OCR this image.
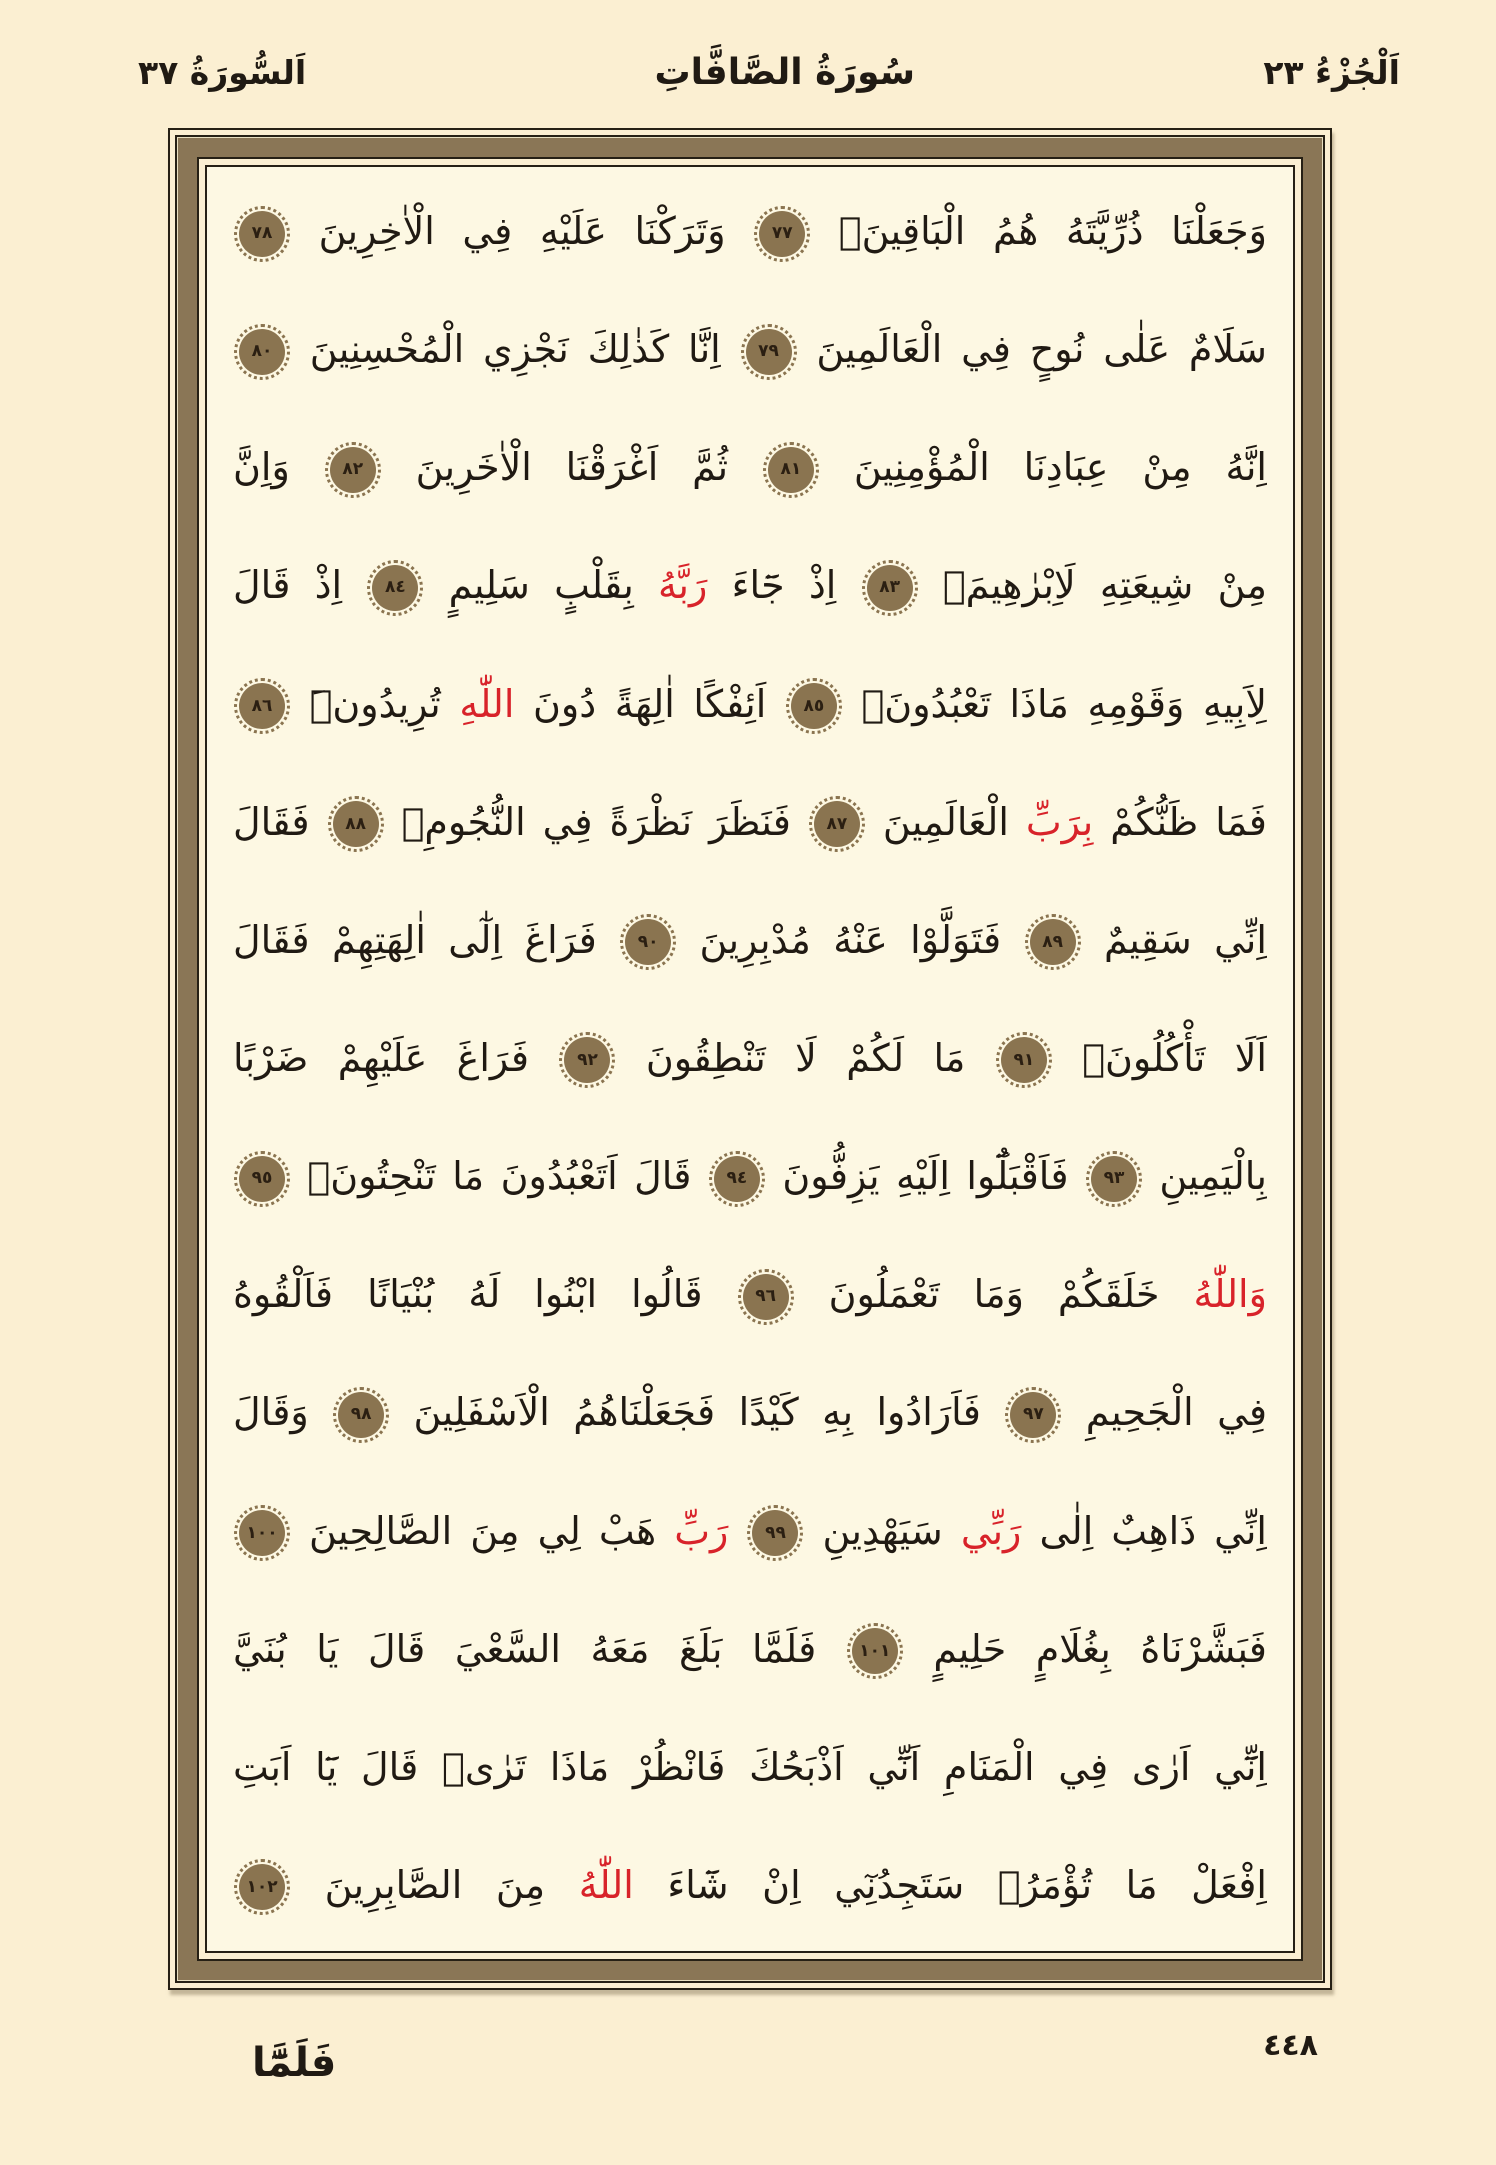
اَلْجُزْءُ ٢٣
سُورَةُ الصَّافَّاتِ
اَلسُّورَةُ ٣٧
وَجَعَلْنَا ذُرِّيَّتَهُ هُمُ الْبَاقِينَۙ
٧٧
وَتَرَكْنَا عَلَيْهِ فِي الْاٰخِرِينَ
٧٨
سَلَامٌ عَلٰى نُوحٍ فِي الْعَالَمِينَ
٧٩
اِنَّا كَذٰلِكَ نَجْزِي الْمُحْسِنِينَ
٨٠
اِنَّهُ مِنْ عِبَادِنَا الْمُؤْمِنِينَ
٨١
ثُمَّ اَغْرَقْنَا الْاٰخَرِينَ
٨٢
وَاِنَّ
مِنْ شِيعَتِهِ لَاِبْرٰهِيمَۚ
٨٣
اِذْ جَٓاءَ رَبَّهُ بِقَلْبٍ سَلِيمٍ
٨٤
اِذْ قَالَ
لِاَبِيهِ وَقَوْمِهِ مَاذَا تَعْبُدُونَۚ
٨٥
اَئِفْكًا اٰلِهَةً دُونَ اللّٰهِ تُرِيدُونَۜ
٨٦
فَمَا ظَنُّكُمْ بِرَبِّ الْعَالَمِينَ
٨٧
فَنَظَرَ نَظْرَةً فِي النُّجُومِۙ
٨٨
فَقَالَ
اِنِّي سَقِيمٌ
٨٩
فَتَوَلَّوْا عَنْهُ مُدْبِرِينَ
٩٠
فَرَاغَ اِلٰٓى اٰلِهَتِهِمْ فَقَالَ
اَلَا تَأْكُلُونَۚ
٩١
مَا لَكُمْ لَا تَنْطِقُونَ
٩٢
فَرَاغَ عَلَيْهِمْ ضَرْبًا
بِالْيَمِينِ
٩٣
فَاَقْبَلُٓوا اِلَيْهِ يَزِفُّونَ
٩٤
قَالَ اَتَعْبُدُونَ مَا تَنْحِتُونَۙ
٩٥
وَاللّٰهُ خَلَقَكُمْ وَمَا تَعْمَلُونَ
٩٦
قَالُوا ابْنُوا لَهُ بُنْيَانًا فَاَلْقُوهُ
فِي الْجَحِيمِ
٩٧
فَاَرَادُوا بِهِ كَيْدًا فَجَعَلْنَاهُمُ الْاَسْفَلِينَ
٩٨
وَقَالَ
اِنِّي ذَاهِبٌ اِلٰى رَبِّي سَيَهْدِينِ
٩٩
رَبِّ هَبْ لِي مِنَ الصَّالِحِينَ
١٠٠
فَبَشَّرْنَاهُ بِغُلَامٍ حَلِيمٍ
١٠١
فَلَمَّا بَلَغَ مَعَهُ السَّعْيَ قَالَ يَا بُنَيَّ
اِنِّٓي اَرٰى فِي الْمَنَامِ اَنِّٓي اَذْبَحُكَ فَانْظُرْ مَاذَا تَرٰىۜ قَالَ يَٓا اَبَتِ
اِفْعَلْ مَا تُؤْمَرُۘ سَتَجِدُنِٓي اِنْ شَٓاءَ اللّٰهُ مِنَ الصَّابِرِينَ
١٠٢
٤٤٨
فَلَمَّٓا
